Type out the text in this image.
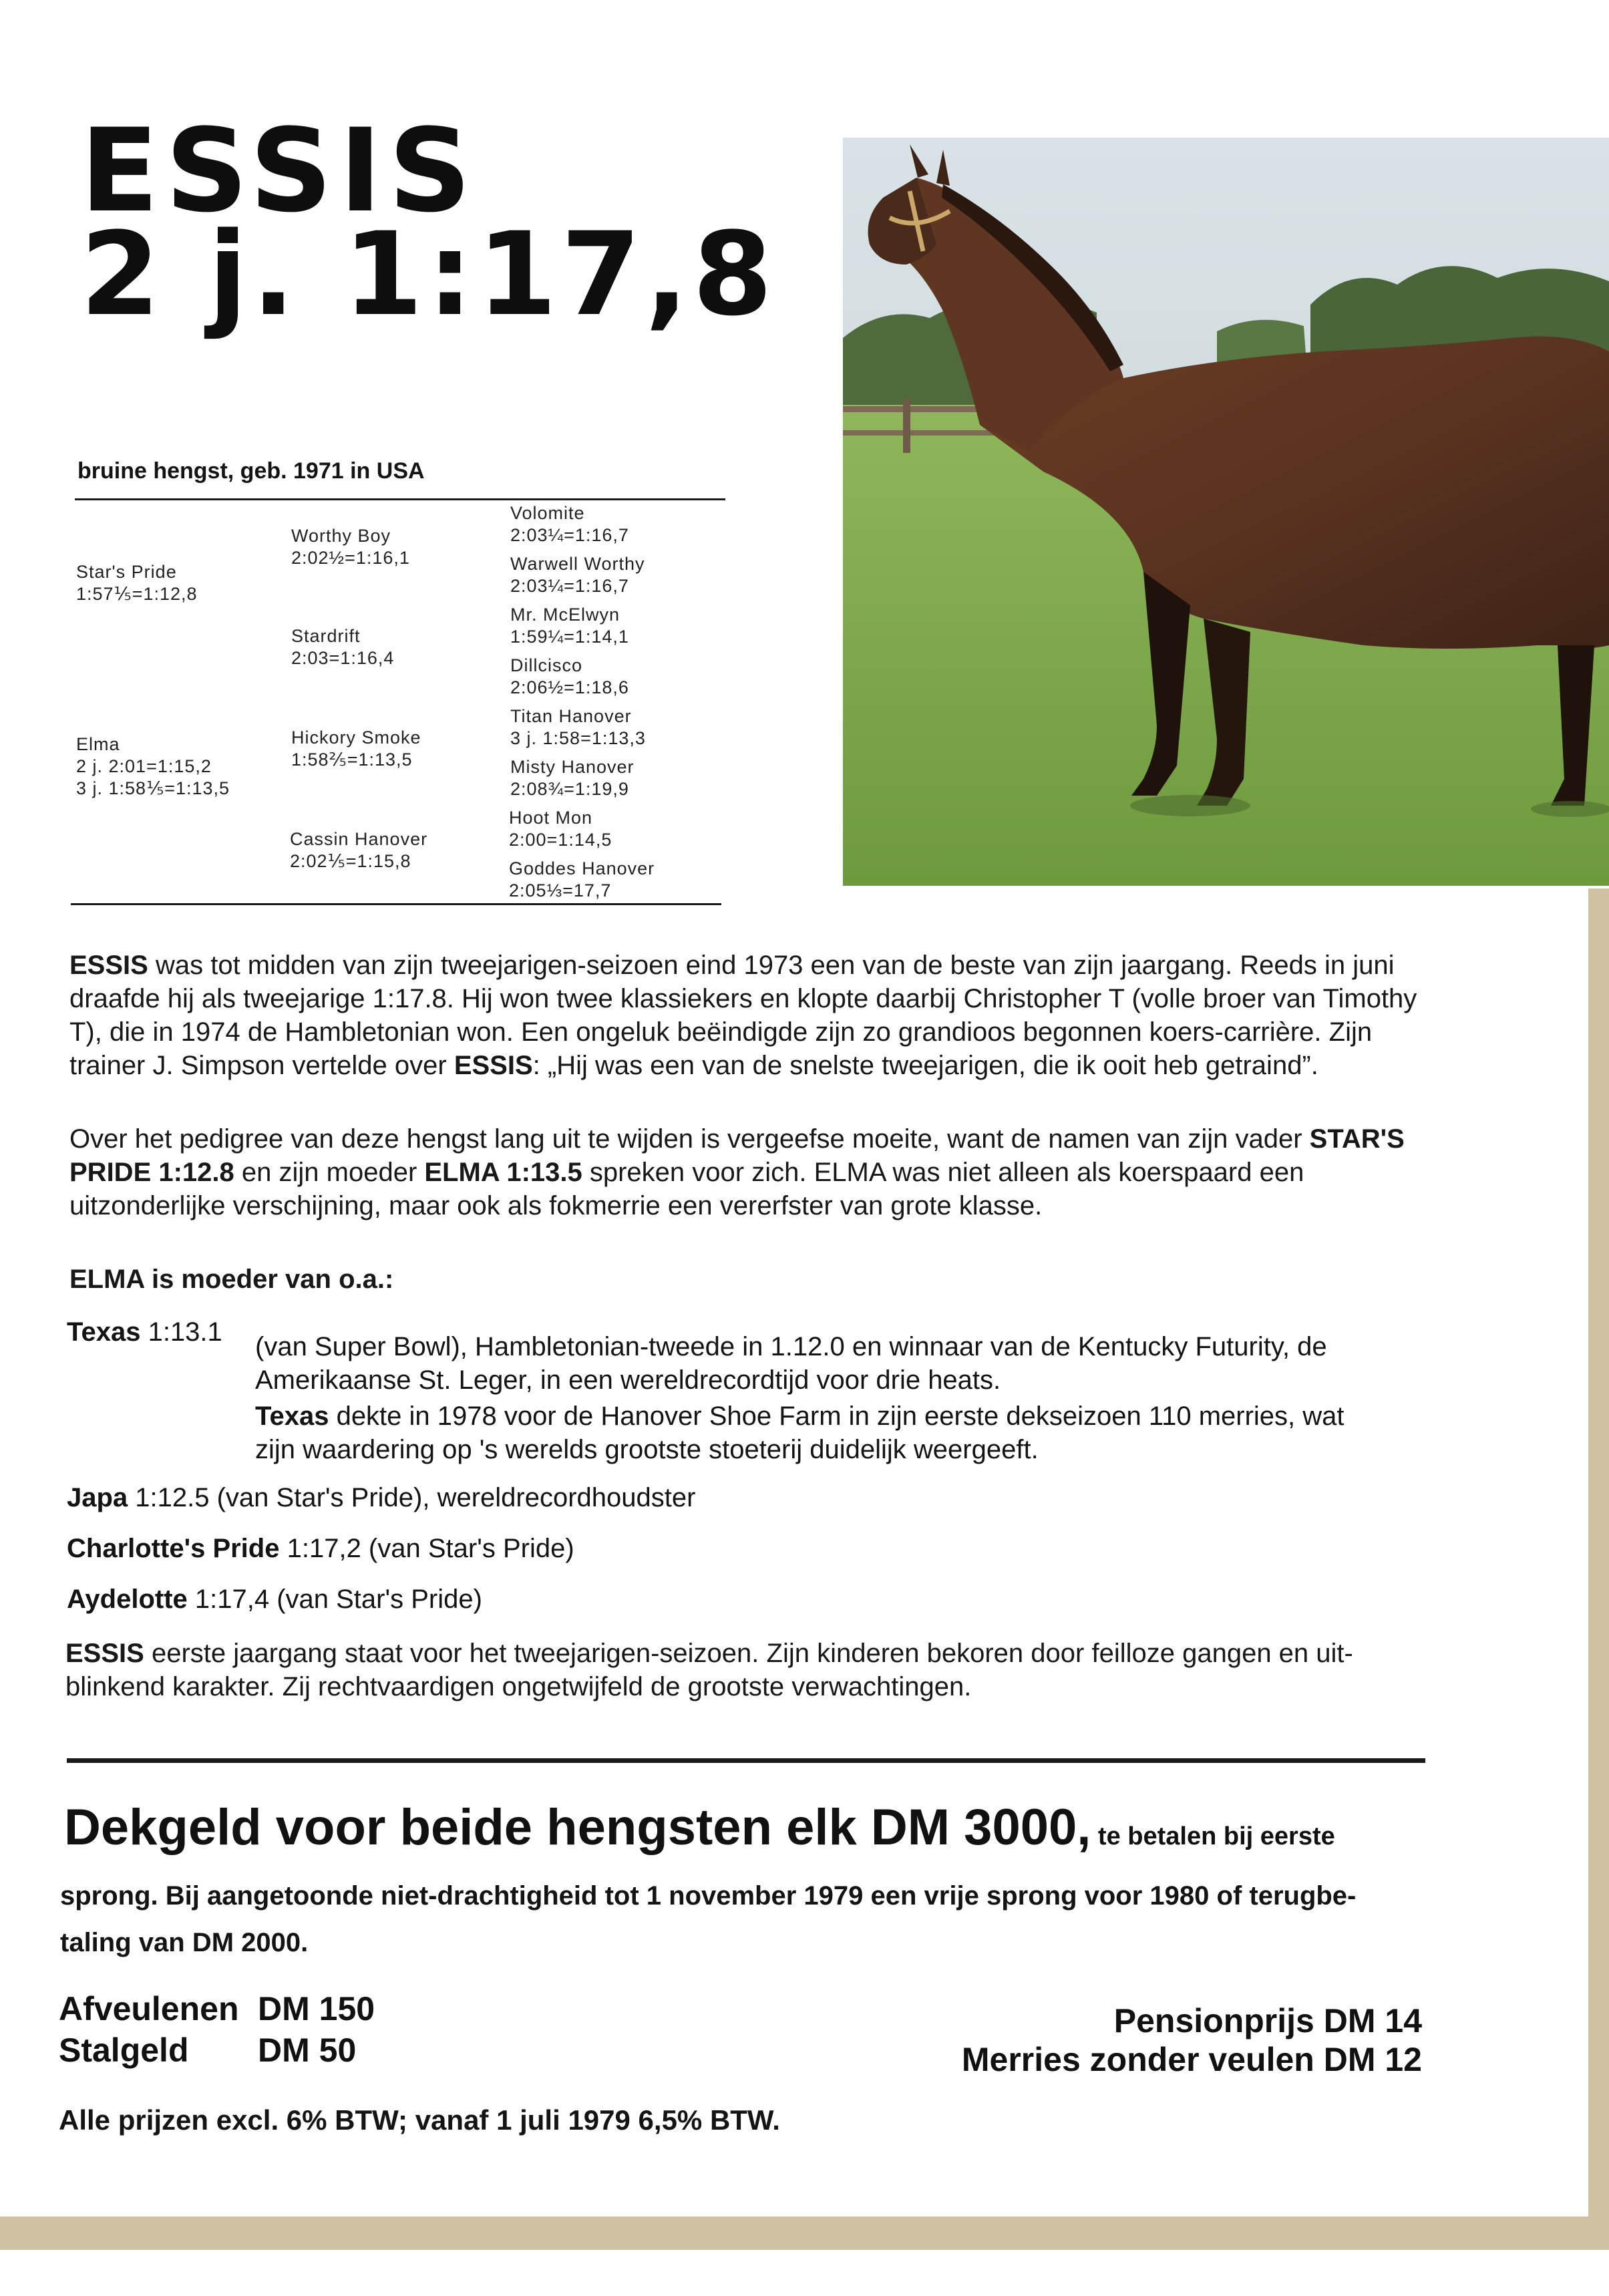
ESSIS
2 j. 1:17,8
bruine hengst, geb. 1971 in USA
Star's Pride
1:57⅕=1:12,8
Elma
2 j. 2:01=1:15,2
3 j. 1:58⅕=1:13,5
Worthy Boy
2:02½=1:16,1
Stardrift
2:03=1:16,4
Hickory Smoke
1:58⅖=1:13,5
Cassin Hanover
2:02⅕=1:15,8
Volomite
2:03¼=1:16,7
Warwell Worthy
2:03¼=1:16,7
Mr. McElwyn
1:59¼=1:14,1
Dillcisco
2:06½=1:18,6
Titan Hanover
3 j. 1:58=1:13,3
Misty Hanover
2:08¾=1:19,9
Hoot Mon
2:00=1:14,5
Goddes Hanover
2:05⅓=17,7
ESSIS was tot midden van zijn tweejarigen-seizoen eind 1973 een van de beste van zijn jaargang. Reeds in juni draafde hij als tweejarige 1:17.8. Hij won twee klassiekers en klopte daarbij Christopher T (volle broer van Timothy T), die in 1974 de Hambletonian won. Een ongeluk beëindigde zijn zo grandioos begonnen koers-carrière. Zijn trainer J. Simpson vertelde over ESSIS: „Hij was een van de snelste tweejarigen, die ik ooit heb getraind”.
Over het pedigree van deze hengst lang uit te wijden is vergeefse moeite, want de namen van zijn vader STAR'S PRIDE 1:12.8 en zijn moeder ELMA 1:13.5 spreken voor zich. ELMA was niet alleen als koerspaard een uitzonderlijke verschijning, maar ook als fokmerrie een vererfster van grote klasse.
ELMA is moeder van o.a.:
Texas 1:13.1 (van Super Bowl), Hambletonian-tweede in 1.12.0 en winnaar van de Kentucky Futurity, de
Amerikaanse St. Leger, in een wereldrecordtijd voor drie heats.
Texas dekte in 1978 voor de Hanover Shoe Farm in zijn eerste dekseizoen 110 merries, wat
zijn waardering op 's werelds grootste stoeterij duidelijk weergeeft.
Japa 1:12.5 (van Star's Pride), wereldrecordhoudster
Charlotte's Pride 1:17,2 (van Star's Pride)
Aydelotte 1:17,4 (van Star's Pride)
ESSIS eerste jaargang staat voor het tweejarigen-seizoen. Zijn kinderen bekoren door feilloze gangen en uit-blinkend karakter. Zij rechtvaardigen ongetwijfeld de grootste verwachtingen.
Dekgeld voor beide hengsten elk DM 3000, te betalen bij eerste
sprong. Bij aangetoonde niet-drachtigheid tot 1 november 1979 een vrije sprong voor 1980 of terugbe-
taling van DM 2000.
Afveulenen DM 150
Stalgeld DM 50
Pensionprijs DM 14
Merries zonder veulen DM 12
Alle prijzen excl. 6% BTW; vanaf 1 juli 1979 6,5% BTW.
